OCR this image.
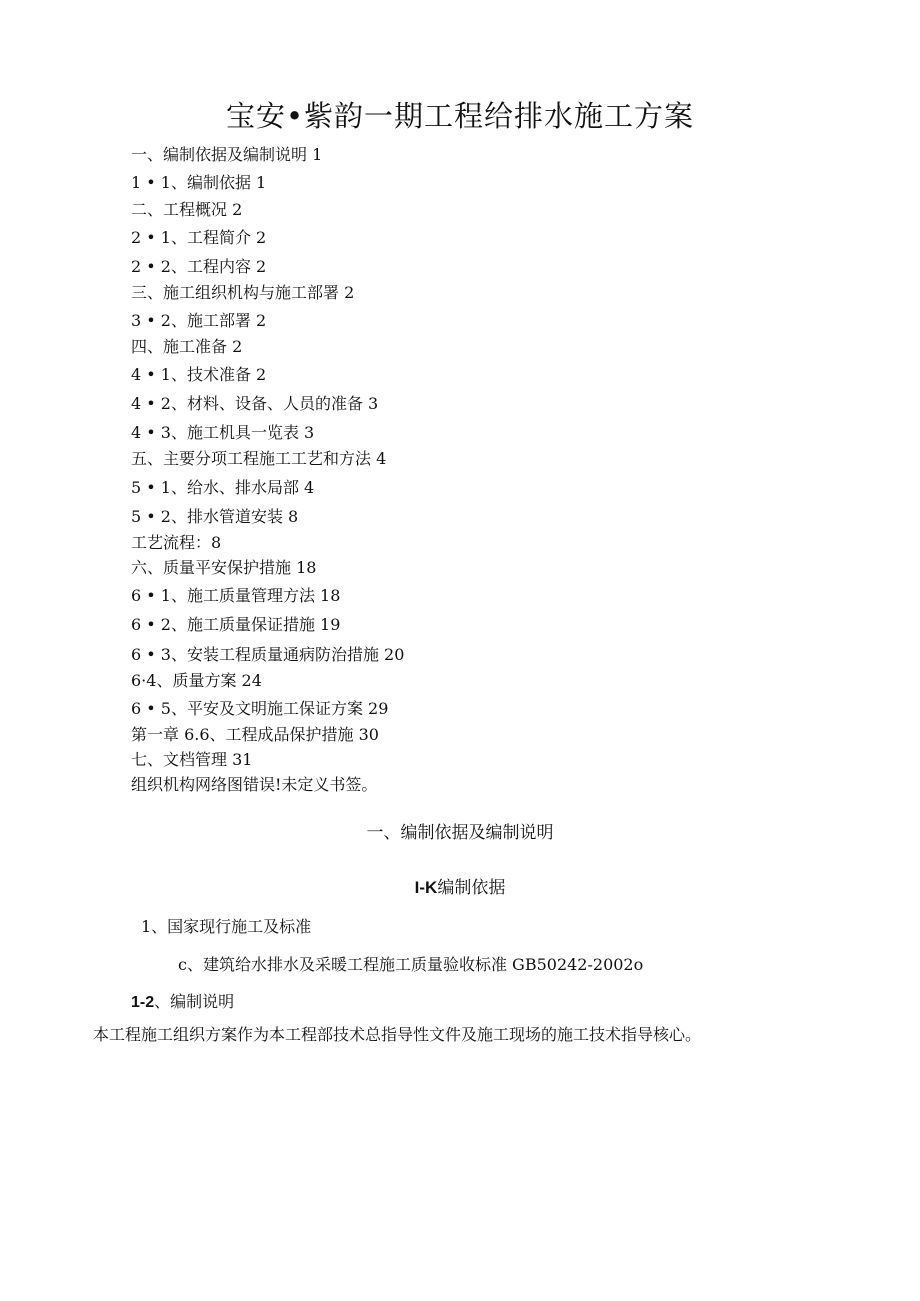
宝安•紫韵一期工程给排水施工方案
一、编制依据及编制说明 1
1 • 1、编制依据 1
二、工程概况 2
2 • 1、工程简介 2
2 • 2、工程内容 2
三、施工组织机构与施工部署 2
3 • 2、施工部署 2
四、施工准备 2
4 • 1、技术准备 2
4 • 2、材料、设备、人员的准备 3
4 • 3、施工机具一览表 3
五、主要分项工程施工工艺和方法 4
5 • 1、给水、排水局部 4
5 • 2、排水管道安装 8
工艺流程：8
六、质量平安保护措施 18
6 • 1、施工质量管理方法 18
6 • 2、施工质量保证措施 19
6 • 3、安装工程质量通病防治措施 20
6·4、质量方案 24
6 • 5、平安及文明施工保证方案 29
第一章 6.6、工程成品保护措施 30
七、文档管理 31
组织机构网络图错误!未定义书签。
一、编制依据及编制说明
I-K编制依据
1、国家现行施工及标准
c、建筑给水排水及采暖工程施工质量验收标准 GB50242-2002o
1-2、编制说明
本工程施工组织方案作为本工程部技术总指导性文件及施工现场的施工技术指导核心。
